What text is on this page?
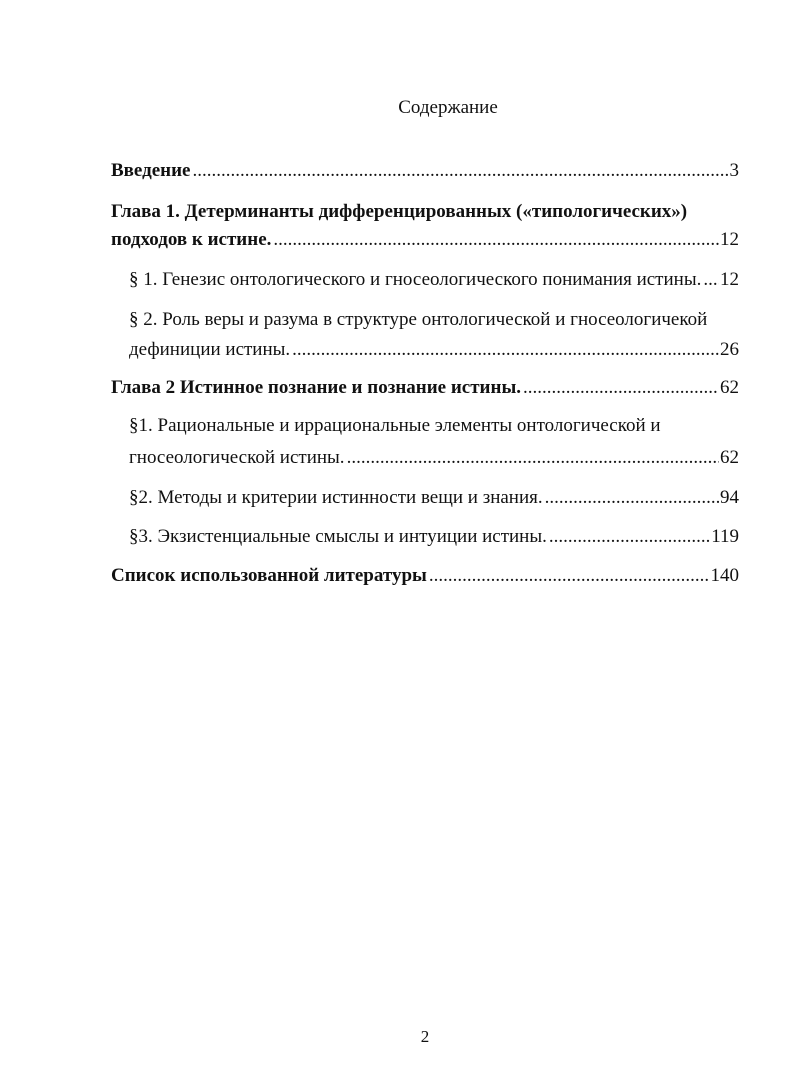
Содержание
Введение .....	3
Глава 1. Детерминанты дифференцированных («типологических»)
подходов к истине. .....	12
§ 1. Генезис онтологического и гносеологического понимания истины. ..... 12
§ 2. Роль веры и разума в структуре онтологической и гносеологичекой
дефиниции истины. .....	26
Глава 2 Истинное познание и познание истины. .....	62
§1. Рациональные и иррациональные элементы онтологической и
гносеологической истины. .....	62
§2. Методы и критерии истинности вещи и знания. .....	94
§3. Экзистенциальные смыслы и интуиции истины. .....	119
Список использованной литературы .....	140
2
